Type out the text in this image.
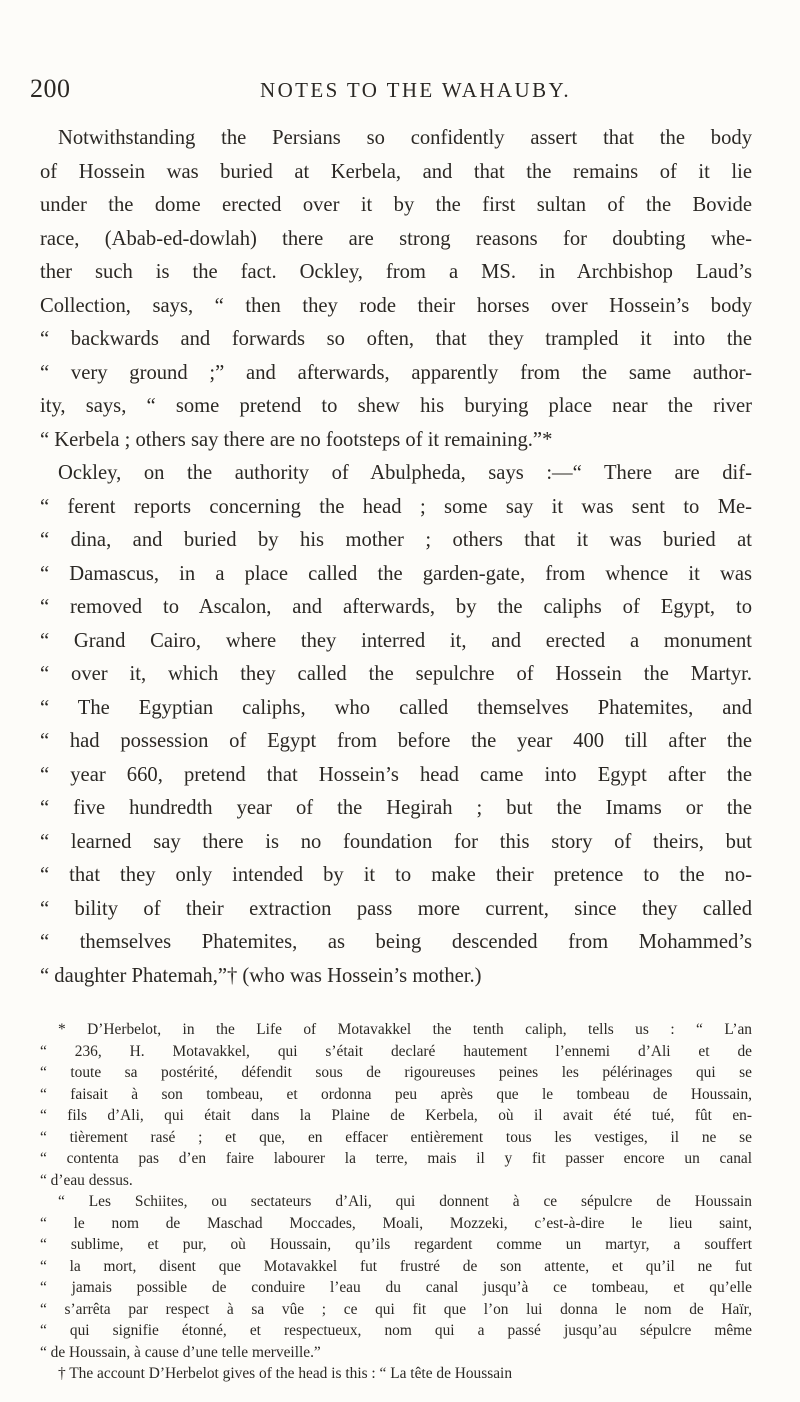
200	NOTES TO THE WAHAUBY.
Notwithstanding the Persians so confidently assert that the body
of Hossein was buried at Kerbela, and that the remains of it lie
under the dome erected over it by the first sultan of the Bovide
race, (Abab-ed-dowlah) there are strong reasons for doubting whe-
ther such is the fact. Ockley, from a MS. in Archbishop Laud’s
Collection, says, “ then they rode their horses over Hossein’s body
“ backwards and forwards so often, that they trampled it into the
“ very ground ;” and afterwards, apparently from the same author-
ity, says, “ some pretend to shew his burying place near the river
“ Kerbela ; others say there are no footsteps of it remaining.”*
Ockley, on the authority of Abulpheda, says :—“ There are dif-
“ ferent reports concerning the head ; some say it was sent to Me-
“ dina, and buried by his mother ; others that it was buried at
“ Damascus, in a place called the garden-gate, from whence it was
“ removed to Ascalon, and afterwards, by the caliphs of Egypt, to
“ Grand Cairo, where they interred it, and erected a monument
“ over it, which they called the sepulchre of Hossein the Martyr.
“ The Egyptian caliphs, who called themselves Phatemites, and
“ had possession of Egypt from before the year 400 till after the
“ year 660, pretend that Hossein’s head came into Egypt after the
“ five hundredth year of the Hegirah ; but the Imams or the
“ learned say there is no foundation for this story of theirs, but
“ that they only intended by it to make their pretence to the no-
“ bility of their extraction pass more current, since they called
“ themselves Phatemites, as being descended from Mohammed’s
“ daughter Phatemah,”† (who was Hossein’s mother.)
* D’Herbelot, in the Life of Motavakkel the tenth caliph, tells us : “ L’an
“ 236, H. Motavakkel, qui s’était declaré hautement l’ennemi d’Ali et de
“ toute sa postérité, défendit sous de rigoureuses peines les pélérinages qui se
“ faisait à son tombeau, et ordonna peu après que le tombeau de Houssain,
“ fils d’Ali, qui était dans la Plaine de Kerbela, où il avait été tué, fût en-
“ tièrement rasé ; et que, en effacer entièrement tous les vestiges, il ne se
“ contenta pas d’en faire labourer la terre, mais il y fit passer encore un canal
“ d’eau dessus.
“ Les Schiites, ou sectateurs d’Ali, qui donnent à ce sépulcre de Houssain
“ le nom de Maschad Moccades, Moali, Mozzeki, c’est-à-dire le lieu saint,
“ sublime, et pur, où Houssain, qu’ils regardent comme un martyr, a souffert
“ la mort, disent que Motavakkel fut frustré de son attente, et qu’il ne fut
“ jamais possible de conduire l’eau du canal jusqu’à ce tombeau, et qu’elle
“ s’arrêta par respect à sa vûe ; ce qui fit que l’on lui donna le nom de Haïr,
“ qui signifie étonné, et respectueux, nom qui a passé jusqu’au sépulcre même
“ de Houssain, à cause d’une telle merveille.”
† The account D’Herbelot gives of the head is this : “ La tête de Houssain
